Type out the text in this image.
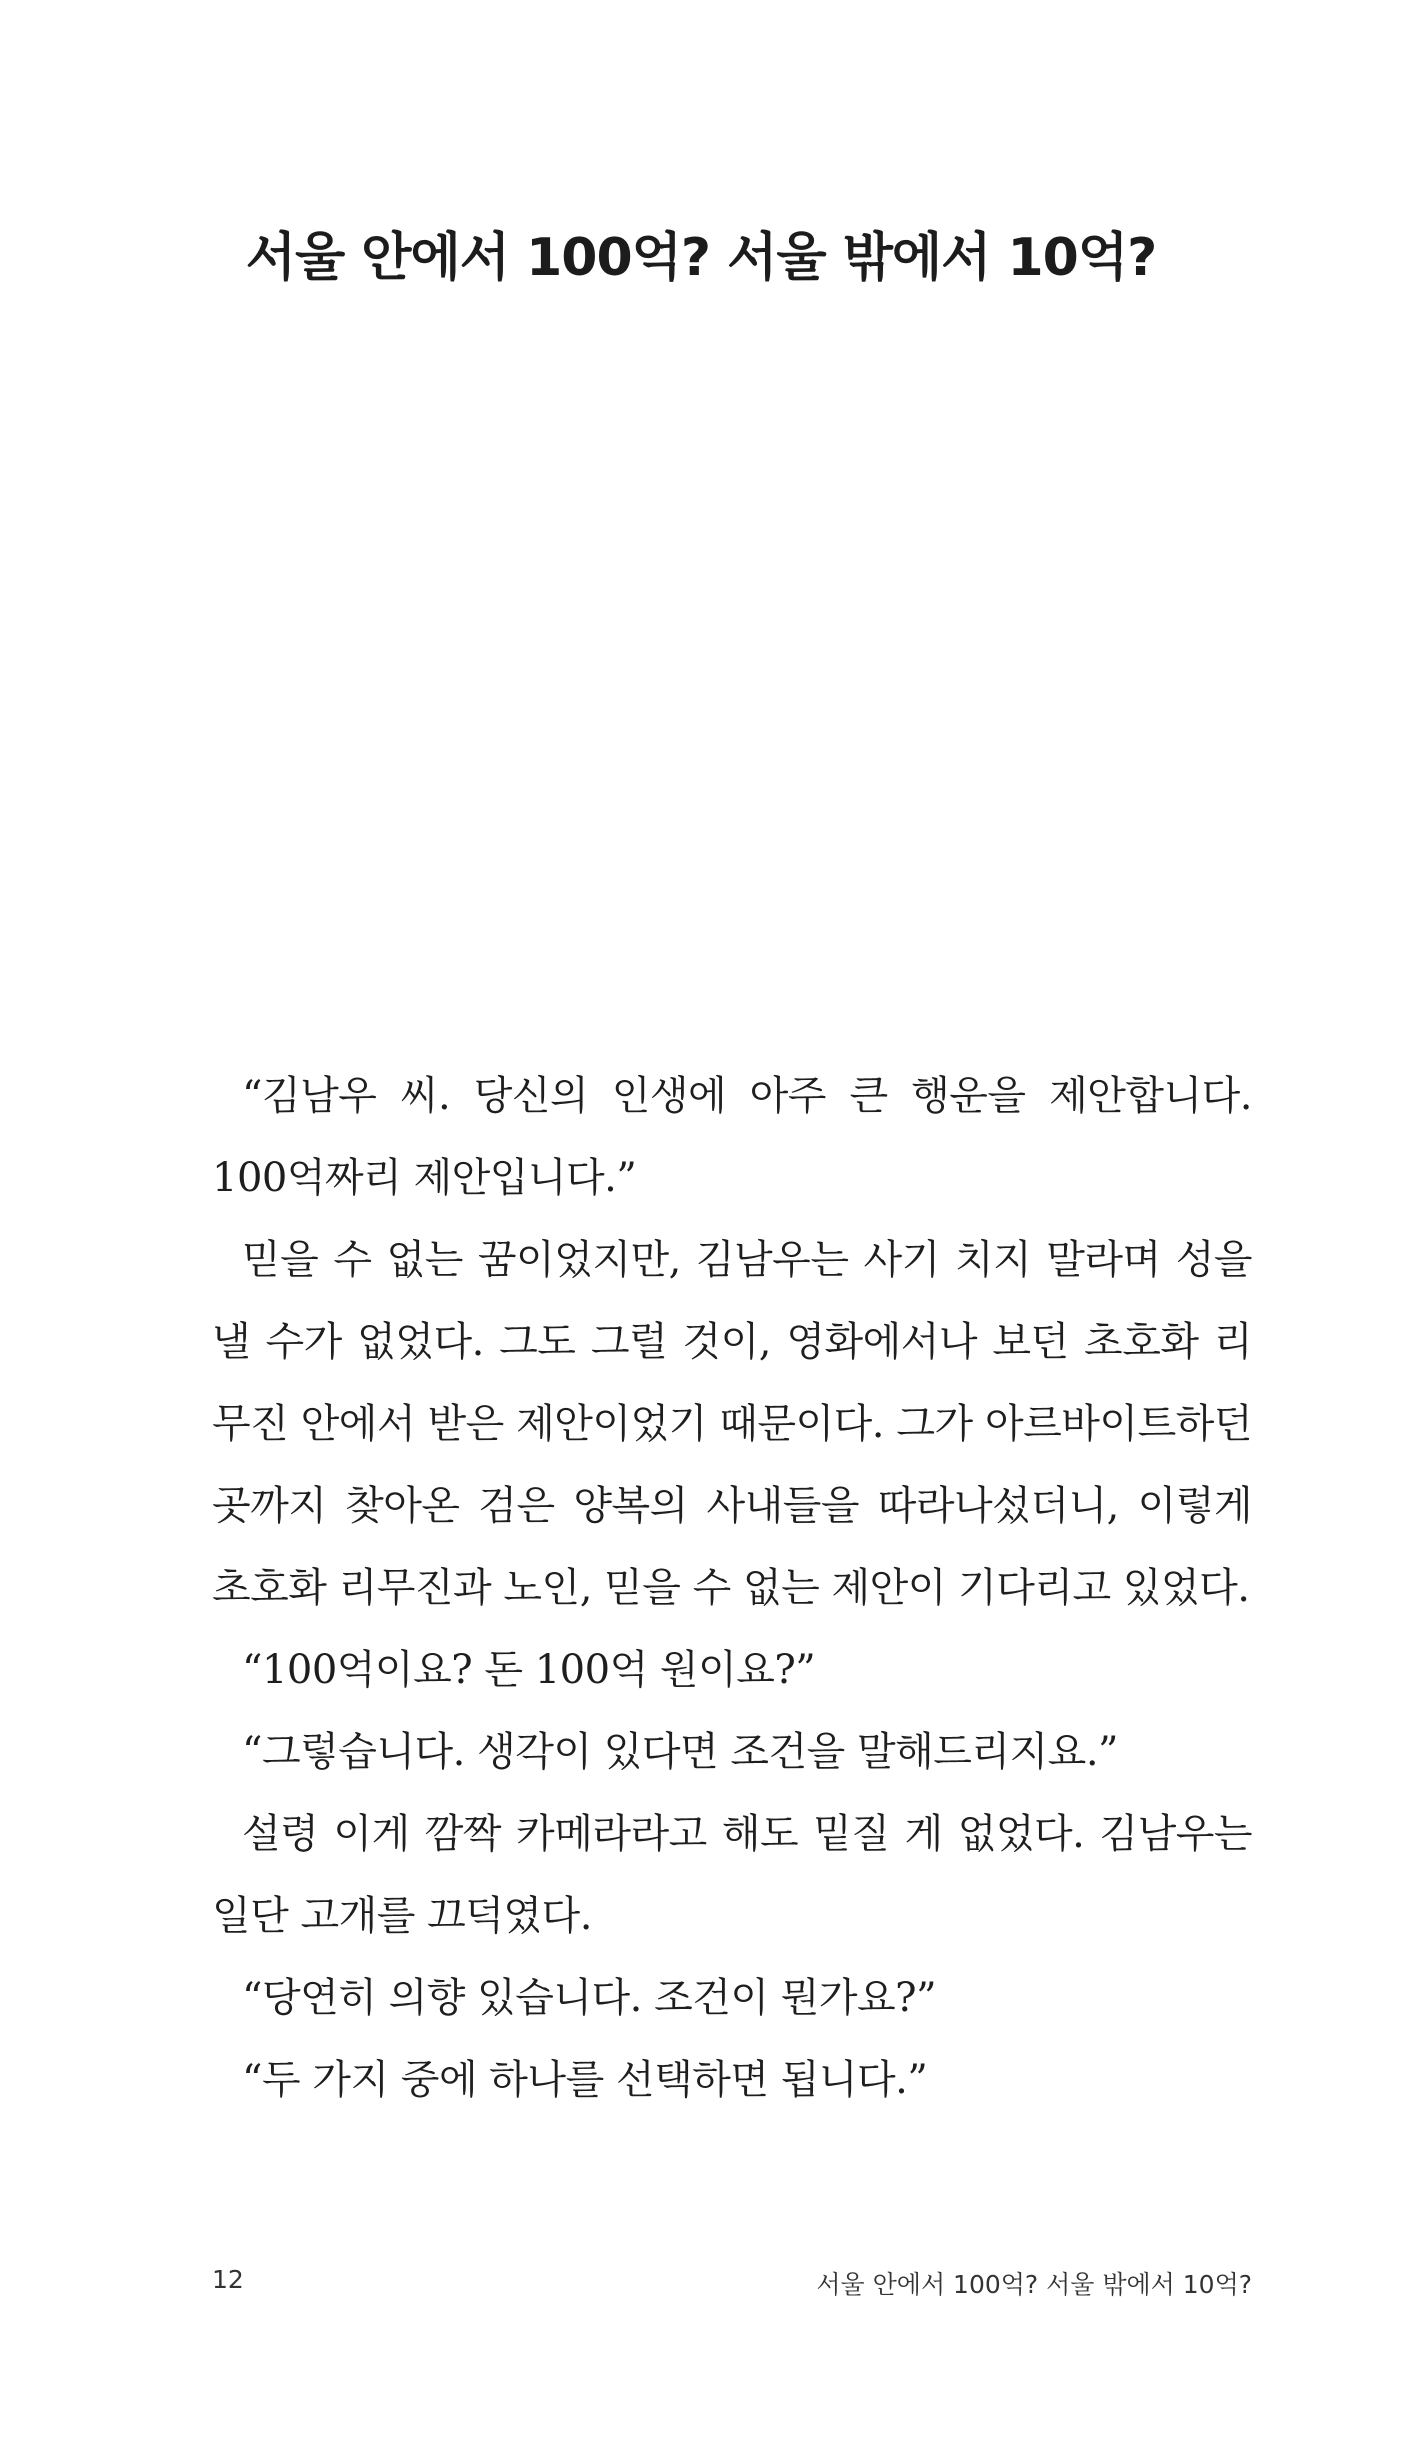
서울 안에서 100억? 서울 밖에서 10억?

“김남우 씨. 당신의 인생에 아주 큰 행운을 제안합니다. 100억짜리 제안입니다.”

믿을 수 없는 꿈이었지만, 김남우는 사기 치지 말라며 성을 낼 수가 없었다. 그도 그럴 것이, 영화에서나 보던 초호화 리무진 안에서 받은 제안이었기 때문이다. 그가 아르바이트하던 곳까지 찾아온 검은 양복의 사내들을 따라나섰더니, 이렇게 초호화 리무진과 노인, 믿을 수 없는 제안이 기다리고 있었다.

“100억이요? 돈 100억 원이요?”

“그렇습니다. 생각이 있다면 조건을 말해드리지요.”

설령 이게 깜짝 카메라라고 해도 밑질 게 없었다. 김남우는 일단 고개를 끄덕였다.

“당연히 의향 있습니다. 조건이 뭔가요?”

“두 가지 중에 하나를 선택하면 됩니다.”

12	서울 안에서 100억? 서울 밖에서 10억?
